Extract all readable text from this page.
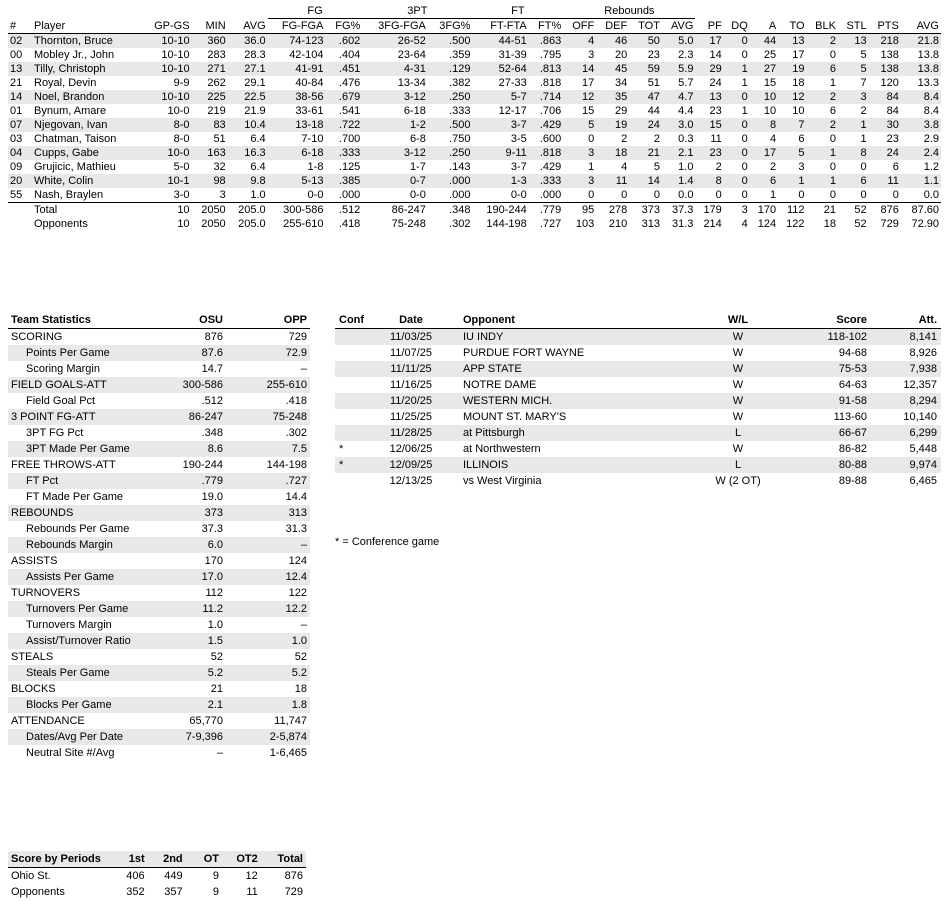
					FG		3PT		FT		Rebounds											
#	Player	GP-GS	MIN	AVG	FG-FGA	FG%	3FG-FGA	3FG%	FT-FTA	FT%	OFF	DEF	TOT	AVG	PF	DQ	A	TO	BLK	STL	PTS	AVG
02	Thornton, Bruce	10-10	360	36.0	74-123	.602	26-52	.500	44-51	.863	4	46	50	5.0	17	0	44	13	2	13	218	21.8
00	Mobley Jr., John	10-10	283	28.3	42-104	.404	23-64	.359	31-39	.795	3	20	23	2.3	14	0	25	17	0	5	138	13.8
13	Tilly, Christoph	10-10	271	27.1	41-91	.451	4-31	.129	52-64	.813	14	45	59	5.9	29	1	27	19	6	5	138	13.8
21	Royal, Devin	9-9	262	29.1	40-84	.476	13-34	.382	27-33	.818	17	34	51	5.7	24	1	15	18	1	7	120	13.3
14	Noel, Brandon	10-10	225	22.5	38-56	.679	3-12	.250	5-7	.714	12	35	47	4.7	13	0	10	12	2	3	84	8.4
01	Bynum, Amare	10-0	219	21.9	33-61	.541	6-18	.333	12-17	.706	15	29	44	4.4	23	1	10	10	6	2	84	8.4
07	Njegovan, Ivan	8-0	83	10.4	13-18	.722	1-2	.500	3-7	.429	5	19	24	3.0	15	0	8	7	2	1	30	3.8
03	Chatman, Taison	8-0	51	6.4	7-10	.700	6-8	.750	3-5	.600	0	2	2	0.3	11	0	4	6	0	1	23	2.9
04	Cupps, Gabe	10-0	163	16.3	6-18	.333	3-12	.250	9-11	.818	3	18	21	2.1	23	0	17	5	1	8	24	2.4
09	Grujicic, Mathieu	5-0	32	6.4	1-8	.125	1-7	.143	3-7	.429	1	4	5	1.0	2	0	2	3	0	0	6	1.2
20	White, Colin	10-1	98	9.8	5-13	.385	0-7	.000	1-3	.333	3	11	14	1.4	8	0	6	1	1	6	11	1.1
55	Nash, Braylen	3-0	3	1.0	0-0	.000	0-0	.000	0-0	.000	0	0	0	0.0	0	0	1	0	0	0	0	0.0
	Total	10	2050	205.0	300-586	.512	86-247	.348	190-244	.779	95	278	373	37.3	179	3	170	112	21	52	876	87.60
	Opponents	10	2050	205.0	255-610	.418	75-248	.302	144-198	.727	103	210	313	31.3	214	4	124	122	18	52	729	72.90
Team Statistics	OSU	OPP
SCORING	876	729
Points Per Game	87.6	72.9
Scoring Margin	14.7	–
FIELD GOALS-ATT	300-586	255-610
Field Goal Pct	.512	.418
3 POINT FG-ATT	86-247	75-248
3PT FG Pct	.348	.302
3PT Made Per Game	8.6	7.5
FREE THROWS-ATT	190-244	144-198
FT Pct	.779	.727
FT Made Per Game	19.0	14.4
REBOUNDS	373	313
Rebounds Per Game	37.3	31.3
Rebounds Margin	6.0	–
ASSISTS	170	124
Assists Per Game	17.0	12.4
TURNOVERS	112	122
Turnovers Per Game	11.2	12.2
Turnovers Margin	1.0	–
Assist/Turnover Ratio	1.5	1.0
STEALS	52	52
Steals Per Game	5.2	5.2
BLOCKS	21	18
Blocks Per Game	2.1	1.8
ATTENDANCE	65,770	11,747
Dates/Avg Per Date	7-9,396	2-5,874
Neutral Site #/Avg	–	1-6,465
Conf	Date	Opponent	W/L	Score	Att.
	11/03/25	IU INDY	W	118-102	8,141
	11/07/25	PURDUE FORT WAYNE	W	94-68	8,926
	11/11/25	APP STATE	W	75-53	7,938
	11/16/25	NOTRE DAME	W	64-63	12,357
	11/20/25	WESTERN MICH.	W	91-58	8,294
	11/25/25	MOUNT ST. MARY'S	W	113-60	10,140
	11/28/25	at Pittsburgh	L	66-67	6,299
*	12/06/25	at Northwestern	W	86-82	5,448
*	12/09/25	ILLINOIS	L	80-88	9,974
	12/13/25	vs West Virginia	W (2 OT)	89-88	6,465
* = Conference game
Score by Periods	1st	2nd	OT	OT2	Total
Ohio St.	406	449	9	12	876
Opponents	352	357	9	11	729
